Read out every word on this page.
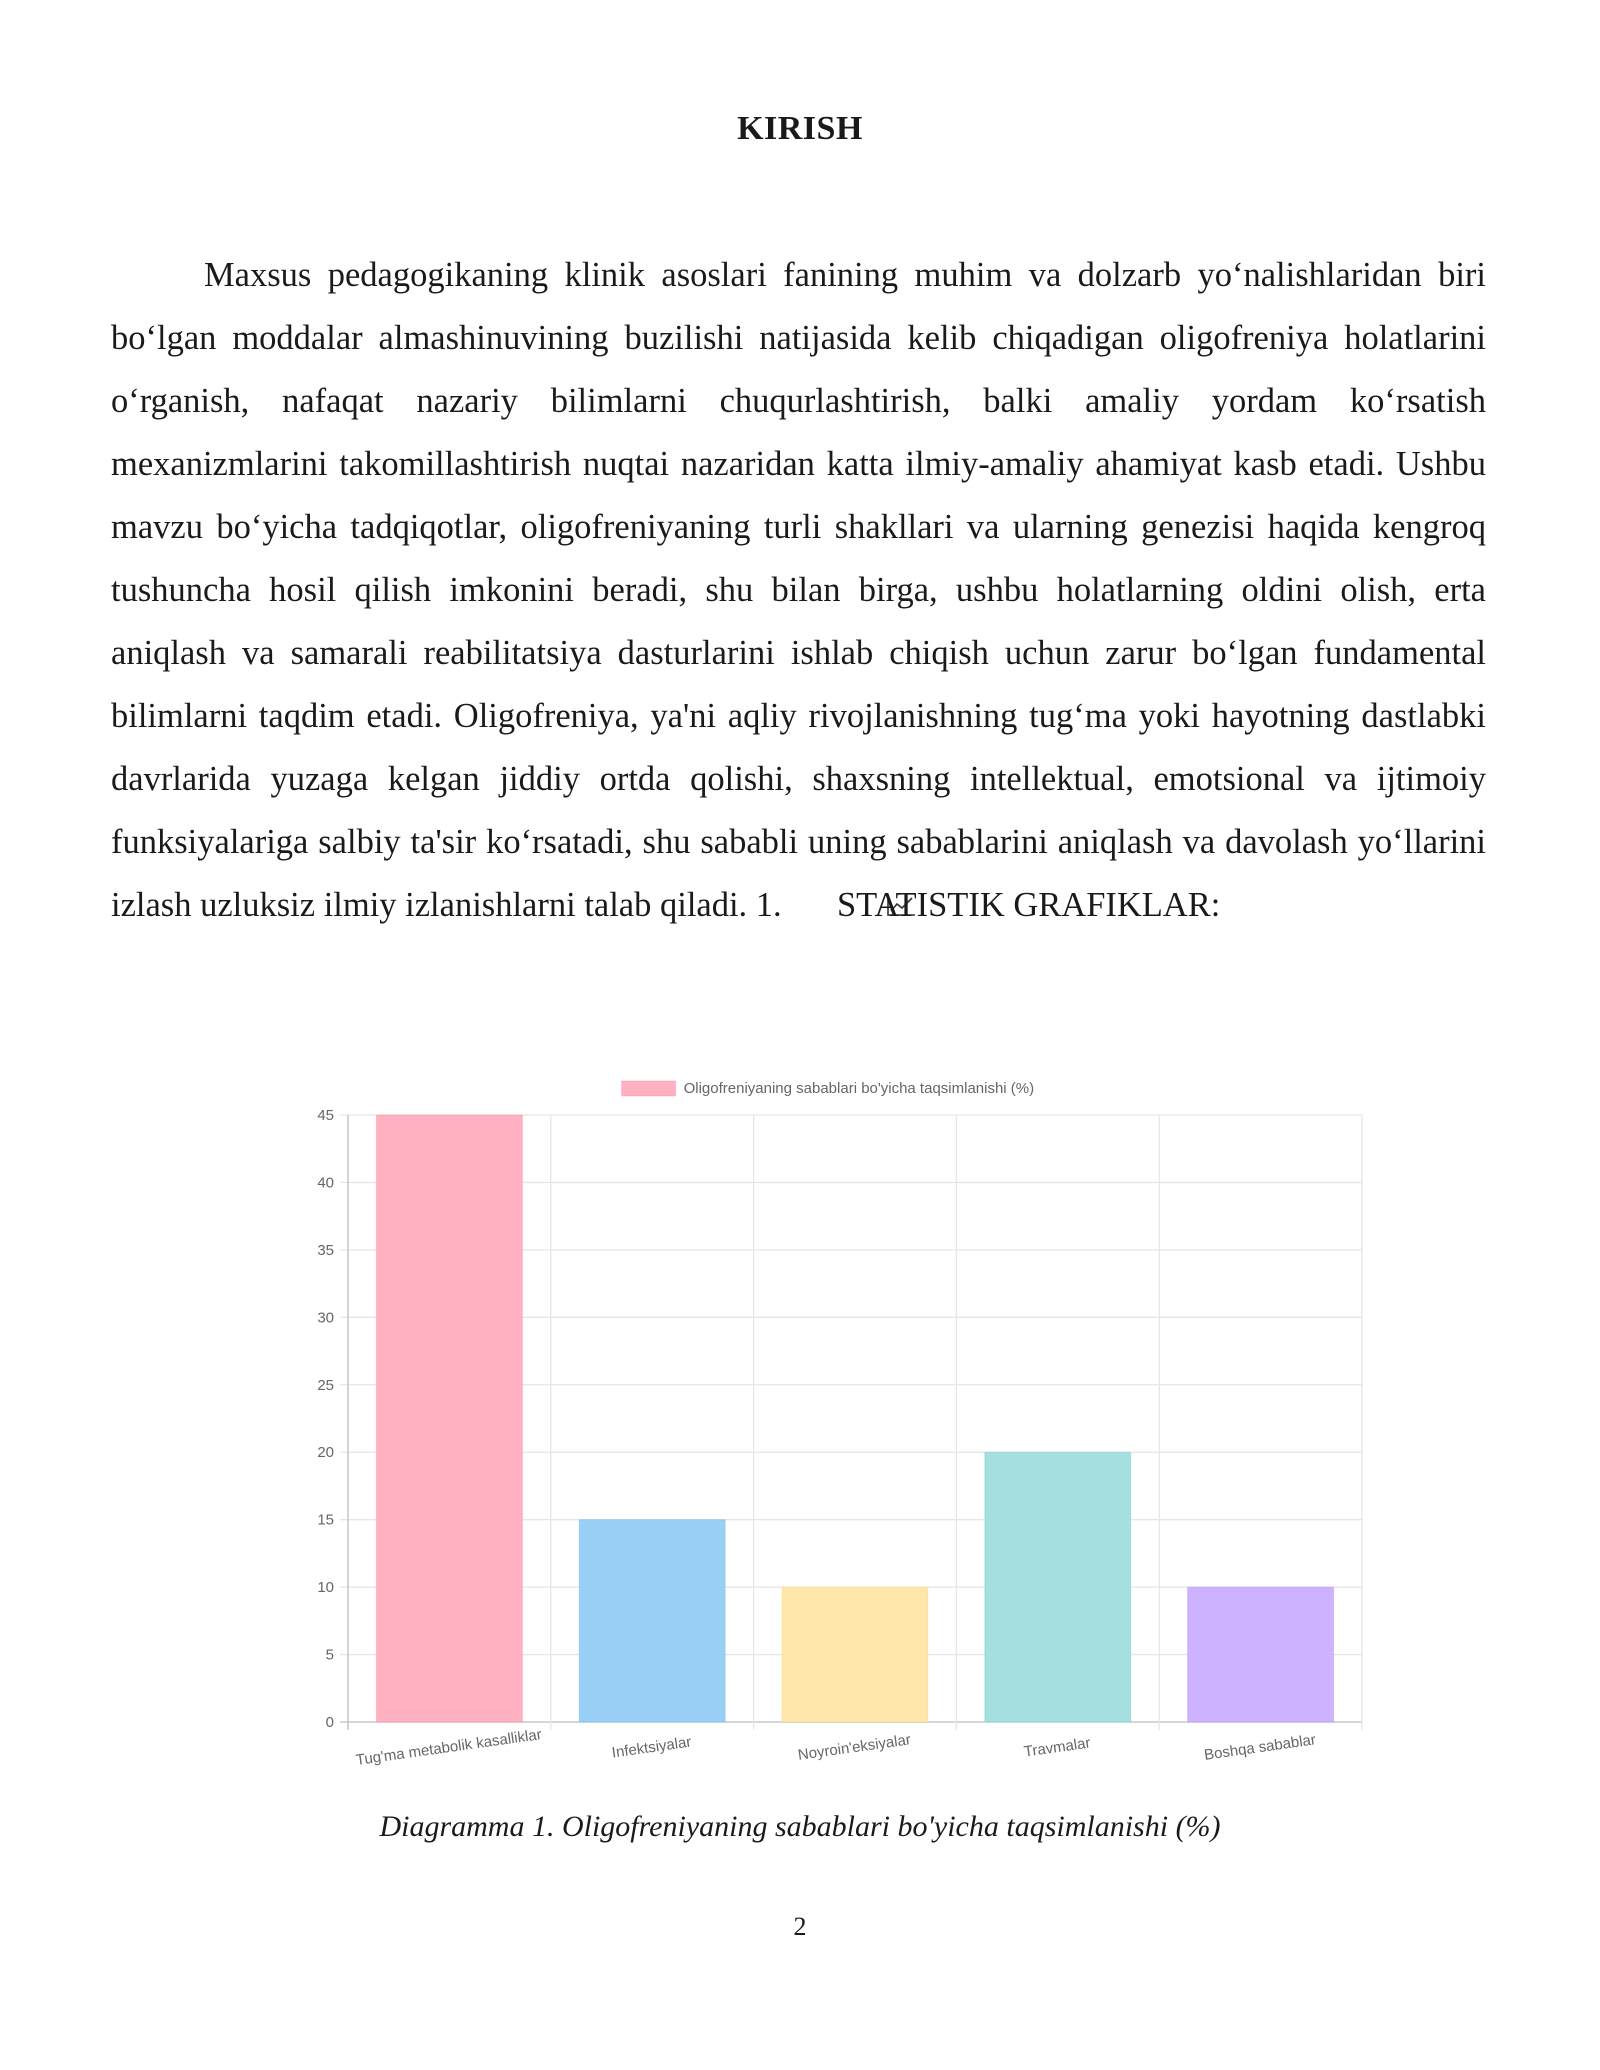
KIRISH

Maxsus pedagogikaning klinik asoslari fanining muhim va dolzarb yo‘nalishlaridan biri bo‘lgan moddalar almashinuvining buzilishi natijasida kelib chiqadigan oligofreniya holatlarini o‘rganish, nafaqat nazariy bilimlarni chuqurlashtirish, balki amaliy yordam ko‘rsatish mexanizmlarini takomillashtirish nuqtai nazaridan katta ilmiy-amaliy ahamiyat kasb etadi. Ushbu mavzu bo‘yicha tadqiqotlar, oligofreniyaning turli shakllari va ularning genezisi haqida kengroq tushuncha hosil qilish imkonini beradi, shu bilan birga, ushbu holatlarning oldini olish, erta aniqlash va samarali reabilitatsiya dasturlarini ishlab chiqish uchun zarur bo‘lgan fundamental bilimlarni taqdim etadi. Oligofreniya, ya'ni aqliy rivojlanishning tug‘ma yoki hayotning dastlabki davrlarida yuzaga kelgan jiddiy ortda qolishi, shaxsning intellektual, emotsional va ijtimoiy funksiyalariga salbiy ta'sir ko‘rsatadi, shu sababli uning sabablarini aniqlash va davolash yo‘llarini izlash uzluksiz ilmiy izlanishlarni talab qiladi. 1. STATISTIK GRAFIKLAR:

0
5
10
15
20
25
30
35
40
45
Tug'ma metabolik kasalliklar	Infektsiyalar	Noyroin'eksiyalar	Travmalar	Boshqa sabablar
Oligofreniyaning sabablari bo'yicha taqsimlanishi (%)
Diagramma 1. Oligofreniyaning sabablari bo'yicha taqsimlanishi (%)
2
